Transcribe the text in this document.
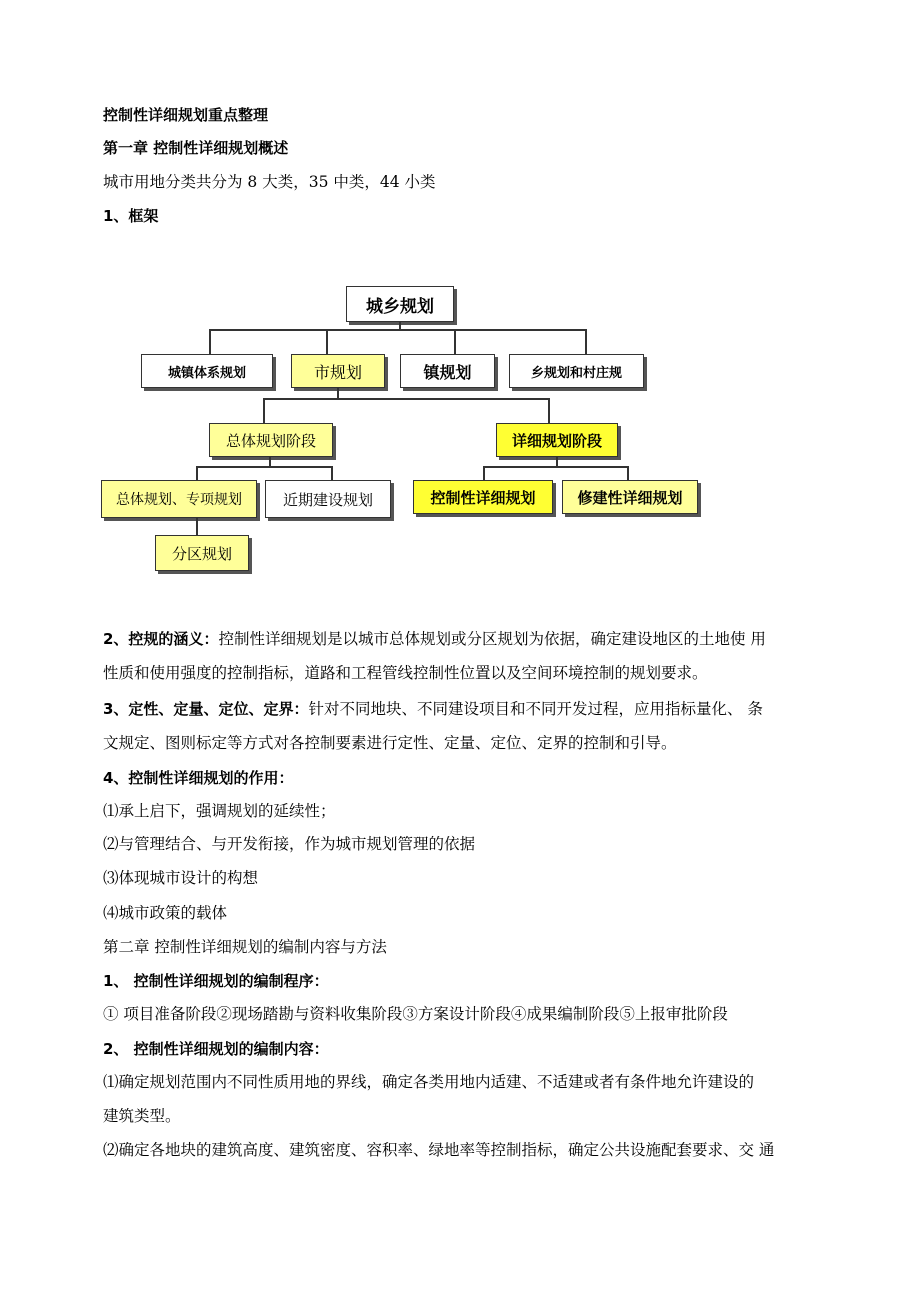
控制性详细规划重点整理
第一章 控制性详细规划概述
城市用地分类共分为 8 大类，35 中类，44 小类
1、框架
城乡规划
城镇体系规划	市规划	镇规划	乡规划和村庄规
总体规划阶段	详细规划阶段
总体规划、专项规划	近期建设规划	控制性详细规划	修建性详细规划
分区规划
2、控规的涵义：控制性详细规划是以城市总体规划或分区规划为依据，确定建设地区的土地使 用
性质和使用强度的控制指标，道路和工程管线控制性位置以及空间环境控制的规划要求。
3、定性、定量、定位、定界：针对不同地块、不同建设项目和不同开发过程，应用指标量化、 条
文规定、图则标定等方式对各控制要素进行定性、定量、定位、定界的控制和引导。
4、控制性详细规划的作用：
⑴承上启下，强调规划的延续性；
⑵与管理结合、与开发衔接，作为城市规划管理的依据
⑶体现城市设计的构想
⑷城市政策的载体
第二章 控制性详细规划的编制内容与方法
1、 控制性详细规划的编制程序：
① 项目准备阶段②现场踏勘与资料收集阶段③方案设计阶段④成果编制阶段⑤上报审批阶段
2、 控制性详细规划的编制内容：
⑴确定规划范围内不同性质用地的界线，确定各类用地内适建、不适建或者有条件地允许建设的
建筑类型。
⑵确定各地块的建筑高度、建筑密度、容积率、绿地率等控制指标，确定公共设施配套要求、交 通
